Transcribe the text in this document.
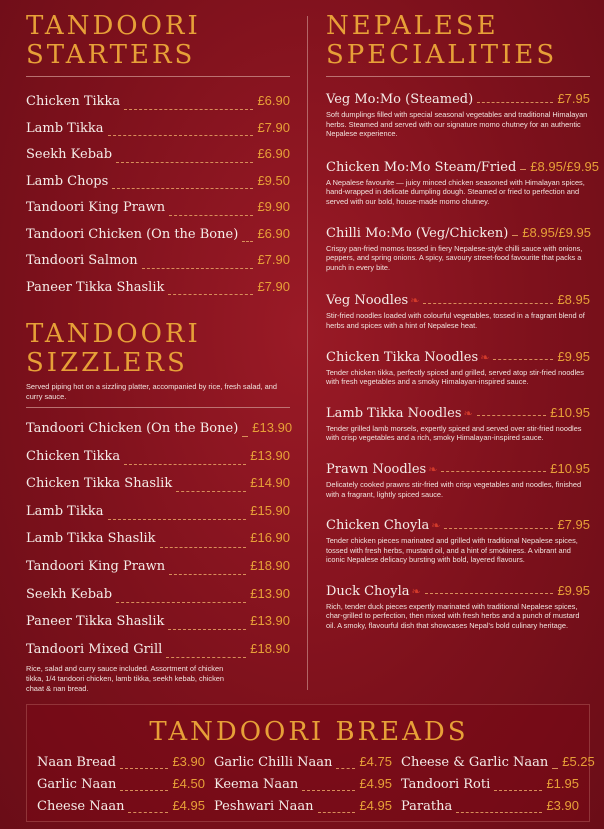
TANDOORI STARTERS
Chicken Tikka	£6.90
Lamb Tikka	£7.90
Seekh Kebab	£6.90
Lamb Chops	£9.50
Tandoori King Prawn	£9.90
Tandoori Chicken (On the Bone) £6.90
Tandoori Salmon	£7.90
Paneer Tikka Shaslik	£7.90
TANDOORI SIZZLERS
Served piping hot on a sizzling platter, accompanied by rice, fresh salad, and curry sauce.
Tandoori Chicken (On the Bone) £13.90
Chicken Tikka	£13.90
Chicken Tikka Shaslik	£14.90
Lamb Tikka	£15.90
Lamb Tikka Shaslik	£16.90
Tandoori King Prawn	£18.90
Seekh Kebab	£13.90
Paneer Tikka Shaslik	£13.90
Tandoori Mixed Grill	£18.90
Rice, salad and curry sauce included. Assortment of chicken tikka, 1/4 tandoori chicken, lamb tikka, seekh kebab, chicken chaat & nan bread.
NEPALESE SPECIALITIES
Veg Mo:Mo (Steamed)	£7.95
Soft dumplings filled with special seasonal vegetables and traditional Himalayan herbs. Steamed and served with our signature momo chutney for an authentic Nepalese experience.
Chicken Mo:Mo Steam/Fried £8.95/£9.95
A Nepalese favourite — juicy minced chicken seasoned with Himalayan spices, hand-wrapped in delicate dumpling dough. Steamed or fried to perfection and served with our bold, house-made momo chutney.
Chilli Mo:Mo (Veg/Chicken) £8.95/£9.95
Crispy pan-fried momos tossed in fiery Nepalese-style chilli sauce with onions, peppers, and spring onions. A spicy, savoury street-food favourite that packs a punch in every bite.
Veg Noodles ❧	£8.95
Stir-fried noodles loaded with colourful vegetables, tossed in a fragrant blend of herbs and spices with a hint of Nepalese heat.
Chicken Tikka Noodles ❧	£9.95
Tender chicken tikka, perfectly spiced and grilled, served atop stir-fried noodles with fresh vegetables and a smoky Himalayan-inspired sauce.
Lamb Tikka Noodles ❧	£10.95
Tender grilled lamb morsels, expertly spiced and served over stir-fried noodles with crisp vegetables and a rich, smoky Himalayan-inspired sauce.
Prawn Noodles ❧	£10.95
Delicately cooked prawns stir-fried with crisp vegetables and noodles, finished with a fragrant, lightly spiced sauce.
Chicken Choyla ❧	£7.95
Tender chicken pieces marinated and grilled with traditional Nepalese spices, tossed with fresh herbs, mustard oil, and a hint of smokiness. A vibrant and iconic Nepalese delicacy bursting with bold, layered flavours.
Duck Choyla ❧	£9.95
Rich, tender duck pieces expertly marinated with traditional Nepalese spices, char-grilled to perfection, then mixed with fresh herbs and a punch of mustard oil. A smoky, flavourful dish that showcases Nepal's bold culinary heritage.
TANDOORI BREADS
Naan Bread	£3.90 Garlic Chilli Naan £4.75 Cheese & Garlic Naan £5.25
Garlic Naan	£4.50 Keema Naan	£4.95 Tandoori Roti	£1.95
Cheese Naan	£4.95 Peshwari Naan	£4.95 Paratha	£3.90
